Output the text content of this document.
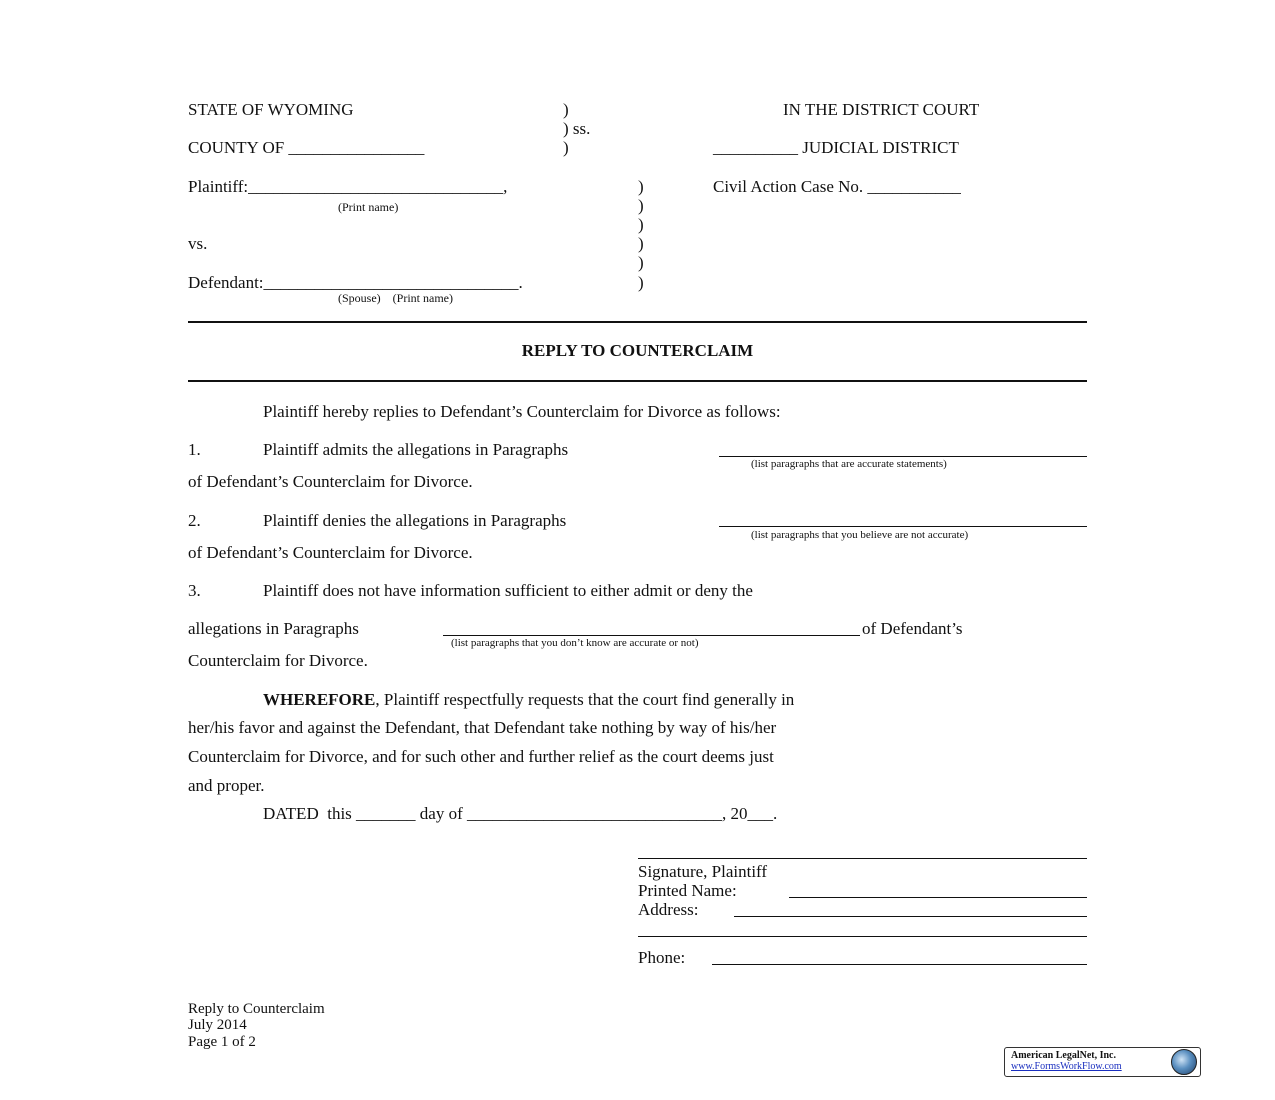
STATE OF WYOMING
COUNTY OF ________________
)
) ss.
)
IN THE DISTRICT COURT
__________ JUDICIAL DISTRICT
Plaintiff:______________________________,
(Print name)
vs.
Defendant:______________________________.
(Spouse)    (Print name)
)
)
)
)
)
)
Civil Action Case No. ___________
REPLY TO COUNTERCLAIM
Plaintiff hereby replies to Defendant’s Counterclaim for Divorce as follows:
1.	Plaintiff admits the allegations in Paragraphs
(list paragraphs that are accurate statements)
of Defendant’s Counterclaim for Divorce.
2.	Plaintiff denies the allegations in Paragraphs
(list paragraphs that you believe are not accurate)
of Defendant’s Counterclaim for Divorce.
3.	Plaintiff does not have information sufficient to either admit or deny the
allegations in Paragraphs	of Defendant’s
(list paragraphs that you don’t know are accurate or not)
Counterclaim for Divorce.
WHEREFORE, Plaintiff respectfully requests that the court find generally in
her/his favor and against the Defendant, that Defendant take nothing by way of his/her
Counterclaim for Divorce, and for such other and further relief as the court deems just
and proper.
DATED  this _______ day of ______________________________, 20___.
Signature, Plaintiff
Printed Name:
Address:
Phone:
Reply to Counterclaim
July 2014
Page 1 of 2
American LegalNet, Inc.
www.FormsWorkFlow.com
